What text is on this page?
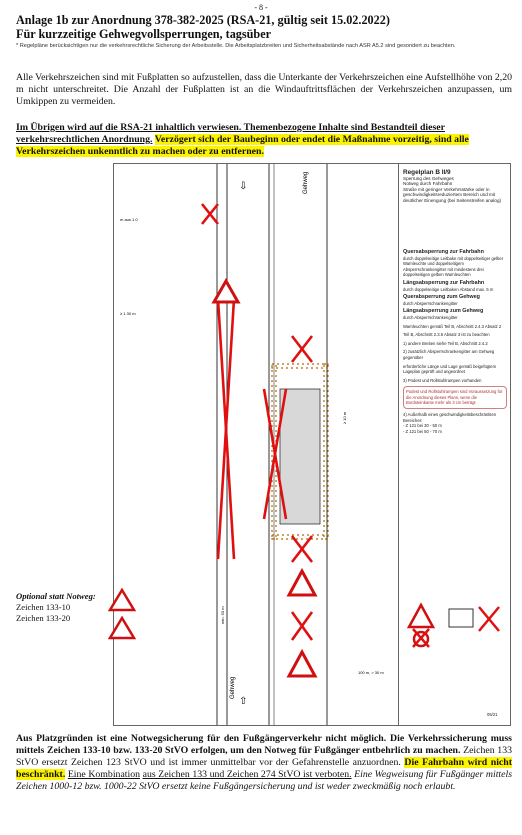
- 8 -
Anlage 1b zur Anordnung 378-382-2025 (RSA-21, gültig seit 15.02.2022)
Für kurzzeitige Gehwegvollsperrungen, tagsüber
* Regelpläne berücksichtigen nur die verkehrsrechtliche Sicherung der Arbeitsstelle. Die Arbeitsplatzbreiten und Sicherheitsabstände nach ASR A5.2 sind gesondert zu beachten.
Alle Verkehrszeichen sind mit Fußplatten so aufzustellen, dass die Unterkante der Verkehrszeichen eine Aufstellhöhe von 2,20 m nicht unterschreitet. Die Anzahl der Fußplatten ist an die Windauftrittsflächen der Verkehrszeichen anzupassen, um Umkippen zu vermeiden.
Im Übrigen wird auf die RSA-21 inhaltlich verwiesen. Themenbezogene Inhalte sind Bestandteil dieser verkehrsrechtlichen Anordnung. Verzögert sich der Baubeginn oder endet die Maßnahme vorzeitig, sind alle Verkehrszeichen unkenntlich zu machen oder zu entfernen.
⇩
⇧
Gehweg
Gehweg
m aus 1.0
≥ 1.30 m
≥ 10 m
min. 50 m
100 m, > 30 m
Regelplan B II/9
Sperrung des Gehweges
Notweg durch Fahrbahn
Straße mit geringer Verkehrsstärke oder in geschwindigkeitsreduziertem Bereich und mit deutlicher Einengung (bei Seitenstreifen analog)
Quersabsperrung zur Fahrbahn
durch doppelseitige Leitbake mit doppelseitiger gelber Warnleuchte und doppelseitigem Absperrschrankengitter mit mindestens drei doppelseitigen gelben Warnleuchten
Längsabsperrung zur Fahrbahn
durch doppelseitige Leitbaken Abstand max. 5 m
Querabsperrung zum Gehweg
durch Absperrschrankengitter
Längsabsperrung zum Gehweg
durch Absperrschrankengitter
Warnleuchten gemäß Teil B, Abschnitt 2.4.3 Absatz 2
Teil B, Abschnitt 2.3.6 Absatz 3 ist zu beachten
1) andere Breiten siehe Teil B, Abschnitt 2.4.2
2) zusätzlich Absperrschrankengitter am Gehweg gegenüber
erforderliche Länge und Lage gemäß beigefügtem Lageplan geprüft und angeordnet
3) Podest und Rollstuhlrampen vorhanden
Podest und Rollstuhlrampen sind Voraussetzung für die Anordnung dieses Plans, wenn die Bordsteinkante mehr als 3 cm beträgt
4) Außerhalb eines geschwindigkeitsbeschränkten Bereiches
- Z 121 bei 30 - 50 m
- Z 121 bei 50 - 70 m
05/21
Optional statt Notweg:
Zeichen 133-10
Zeichen 133-20
Aus Platzgründen ist eine Notwegsicherung für den Fußgängerverkehr nicht möglich. Die Verkehrssicherung muss mittels Zeichen 133-10 bzw. 133-20 StVO erfolgen, um den Notweg für Fußgänger entbehrlich zu machen. Zeichen 133 StVO ersetzt Zeichen 123 StVO und ist immer unmittelbar vor der Gefahrenstelle anzuordnen. Die Fahrbahn wird nicht beschränkt. Eine Kombination aus Zeichen 133 und Zeichen 274 StVO ist verboten. Eine Wegweisung für Fußgänger mittels Zeichen 1000-12 bzw. 1000-22 StVO ersetzt keine Fußgängersicherung und ist weder zweckmäßig noch erlaubt.
